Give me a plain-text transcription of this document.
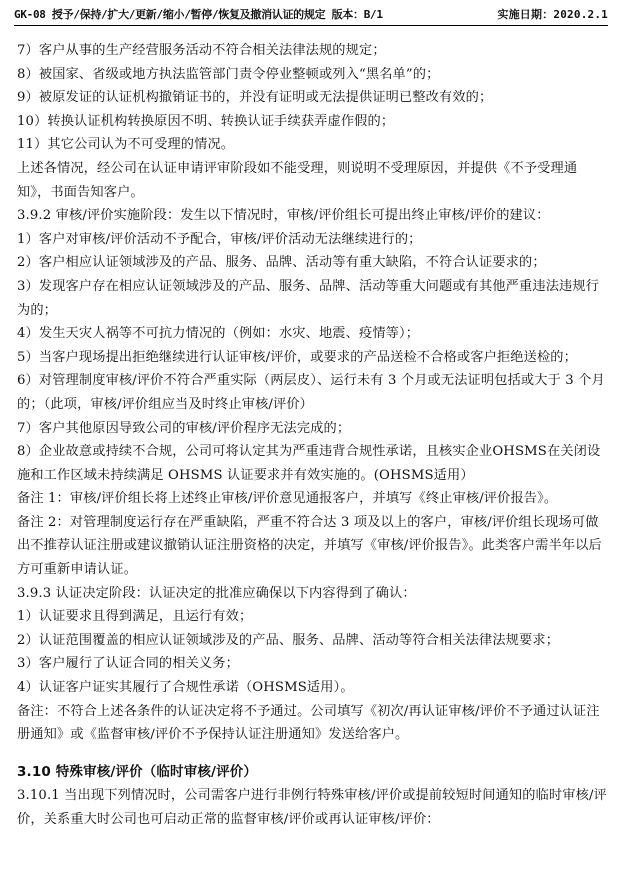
GK-08 授予/保持/扩大/更新/缩小/暂停/恢复及撤消认证的规定 版本：B/1	实施日期：2020.2.1

7）客户从事的生产经营服务活动不符合相关法律法规的规定；

8）被国家、省级或地方执法监管部门责令停业整顿或列入“黑名单”的；

9）被原发证的认证机构撤销证书的，并没有证明或无法提供证明已整改有效的；

10）转换认证机构转换原因不明、转换认证手续获弄虚作假的；

11）其它公司认为不可受理的情况。

上述各情况，经公司在认证申请评审阶段如不能受理，则说明不受理原因，并提供《不予受理通知》，书面告知客户。

3.9.2 审核/评价实施阶段：发生以下情况时，审核/评价组长可提出终止审核/评价的建议：

1）客户对审核/评价活动不予配合，审核/评价活动无法继续进行的；

2）客户相应认证领域涉及的产品、服务、品牌、活动等有重大缺陷，不符合认证要求的；

3）发现客户存在相应认证领域涉及的产品、服务、品牌、活动等重大问题或有其他严重违法违规行为的；

4）发生天灾人祸等不可抗力情况的（例如：水灾、地震、疫情等）；

5）当客户现场提出拒绝继续进行认证审核/评价，或要求的产品送检不合格或客户拒绝送检的；

6）对管理制度审核/评价不符合严重实际（两层皮）、运行未有 3 个月或无法证明包括或大于 3 个月的；（此项，审核/评价组应当及时终止审核/评价）

7）客户其他原因导致公司的审核/评价程序无法完成的；

8）企业故意或持续不合规，公司可将认定其为严重违背合规性承诺，且核实企业OHSMS在关闭设施和工作区域未持续满足 OHSMS 认证要求并有效实施的。(OHSMS适用）

备注 1：审核/评价组长将上述终止审核/评价意见通报客户，并填写《终止审核/评价报告》。

备注 2：对管理制度运行存在严重缺陷，严重不符合达 3 项及以上的客户，审核/评价组长现场可做出不推荐认证注册或建议撤销认证注册资格的决定，并填写《审核/评价报告》。此类客户需半年以后方可重新申请认证。

3.9.3 认证决定阶段：认证决定的批准应确保以下内容得到了确认：

1）认证要求且得到满足，且运行有效；

2）认证范围覆盖的相应认证领域涉及的产品、服务、品牌、活动等符合相关法律法规要求；

3）客户履行了认证合同的相关义务；

4）认证客户证实其履行了合规性承诺（OHSMS适用）。

备注：不符合上述各条件的认证决定将不予通过。公司填写《初次/再认证审核/评价不予通过认证注册通知》或《监督审核/评价不予保持认证注册通知》发送给客户。

3.10 特殊审核/评价（临时审核/评价）

3.10.1 当出现下列情况时，公司需客户进行非例行特殊审核/评价或提前较短时间通知的临时审核/评价，关系重大时公司也可启动正常的监督审核/评价或再认证审核/评价：
